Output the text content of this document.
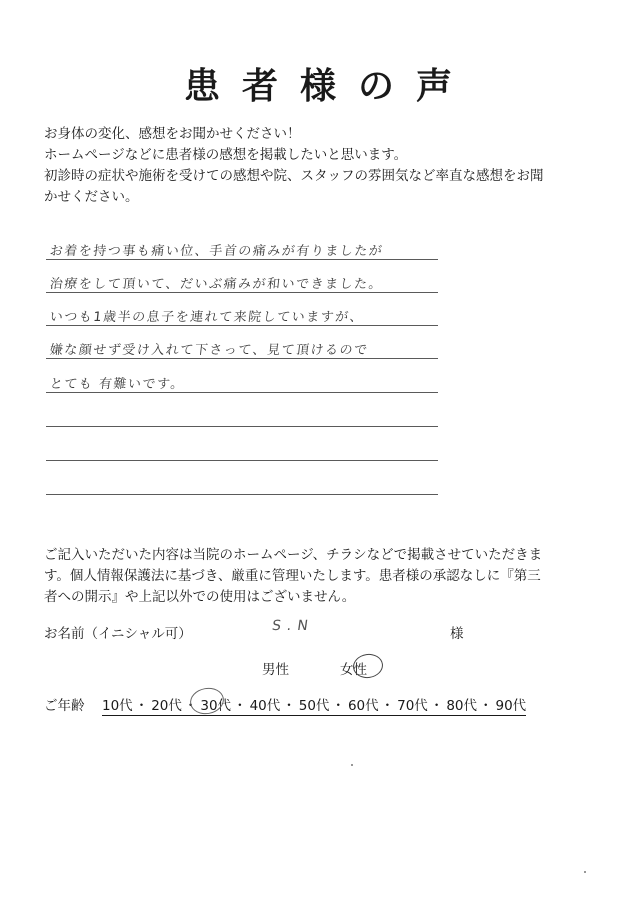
患者様の声
お身体の変化、感想をお聞かせください！
ホームページなどに患者様の感想を掲載したいと思います。
初診時の症状や施術を受けての感想や院、スタッフの雰囲気など率直な感想をお聞
かせください。
お着を持つ事も痛い位、手首の痛みが有りましたが
治療をして頂いて、だいぶ痛みが和いできました。
いつも1歳半の息子を連れて来院していますが、
嫌な顔せず受け入れて下さって、見て頂けるので
とても 有難いです。
ご記入いただいた内容は当院のホームページ、チラシなどで掲載させていただきま
す。個人情報保護法に基づき、厳重に管理いたします。患者様の承認なしに『第三
者への開示』や上記以外での使用はございません。
お名前（イニシャル可）	S.N	様
男性	女性
ご年齢 10代 ・ 20代 ・ 30代 ・ 40代 ・ 50代 ・ 60代 ・ 70代 ・ 80代 ・ 90代
